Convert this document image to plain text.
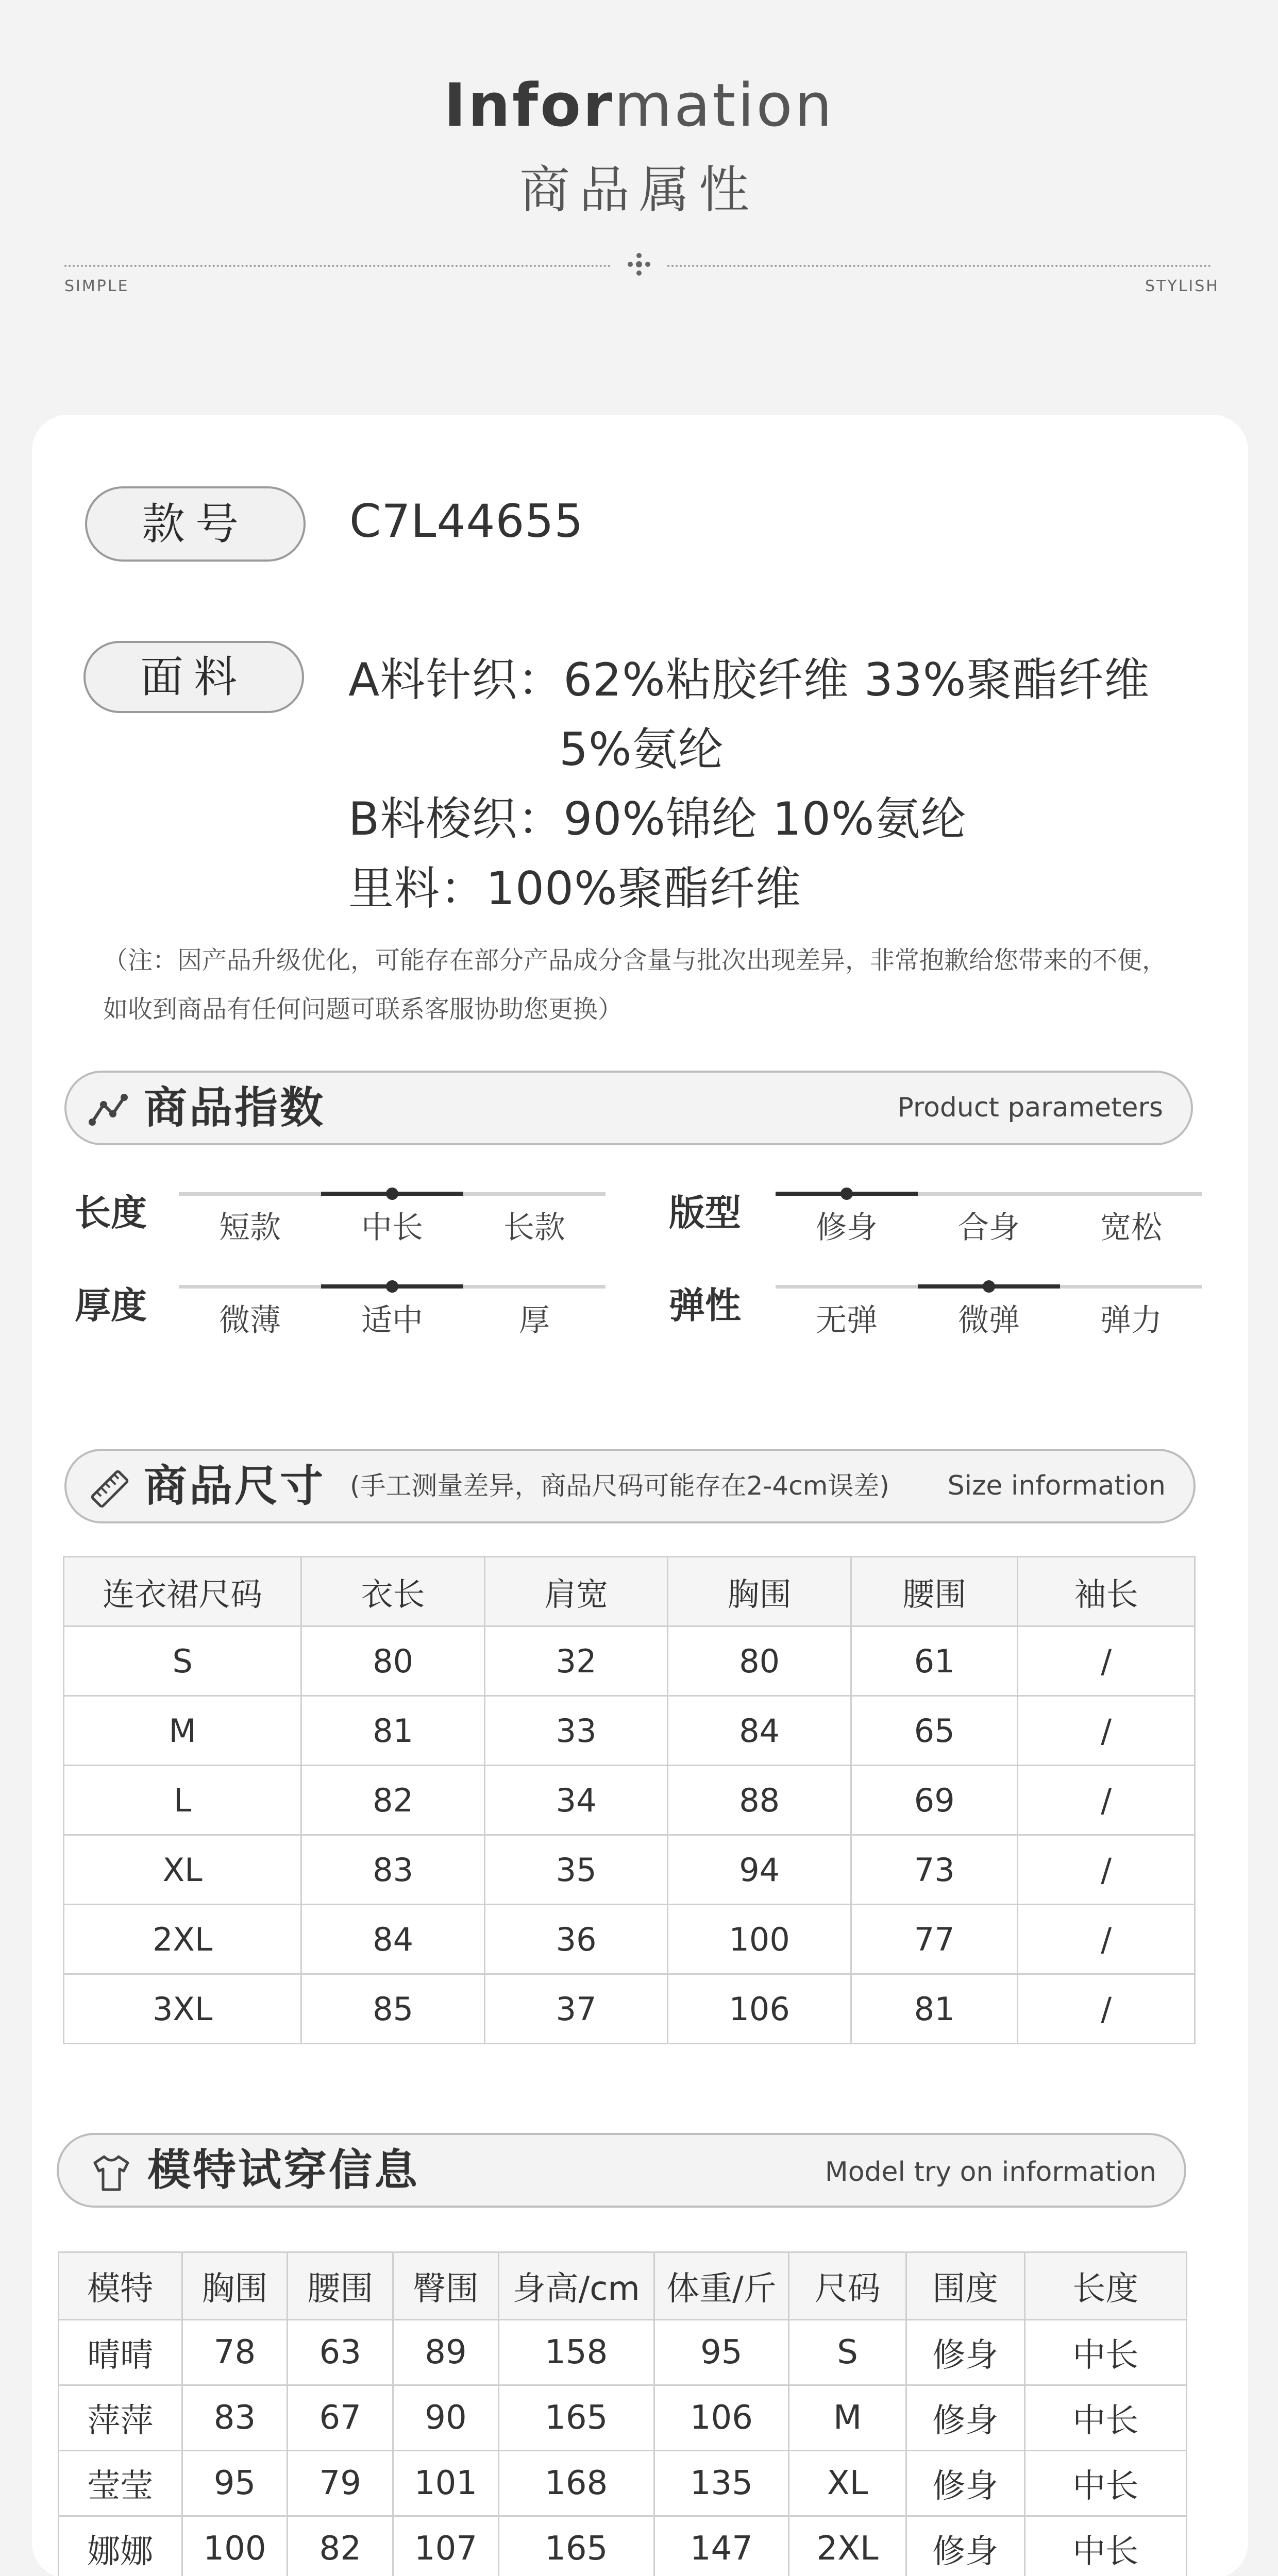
Information
商品属性
SIMPLE	STYLISH
款号	C7L44655
面料	A料针织：62%粘胶纤维 33%聚酯纤维
5%氨纶
B料梭织：90%锦纶 10%氨纶
里料：100%聚酯纤维
（注：因产品升级优化，可能存在部分产品成分含量与批次出现差异，非常抱歉给您带来的不便，
如收到商品有任何问题可联系客服协助您更换）
商品指数	Product parameters
长度	短款	中长	长款	版型	修身	合身	宽松
厚度	微薄	适中	厚	弹性	无弹	微弹	弹力
商品尺寸 (手工测量差异，商品尺码可能存在2-4cm误差) Size information
连衣裙尺码	衣长	肩宽	胸围	腰围	袖长
S	80	32	80	61	/
M	81	33	84	65	/
L	82	34	88	69	/
XL	83	35	94	73	/
2XL	84	36	100	77	/
3XL	85	37	106	81	/
模特试穿信息	Model try on information
模特	胸围	腰围	臀围	身高/cm	体重/斤	尺码	围度	长度
晴晴	78	63	89	158	95	S	修身	中长
萍萍	83	67	90	165	106	M	修身	中长
莹莹	95	79	101	168	135	XL	修身	中长
娜娜	100	82	107	165	147	2XL	修身	中长
